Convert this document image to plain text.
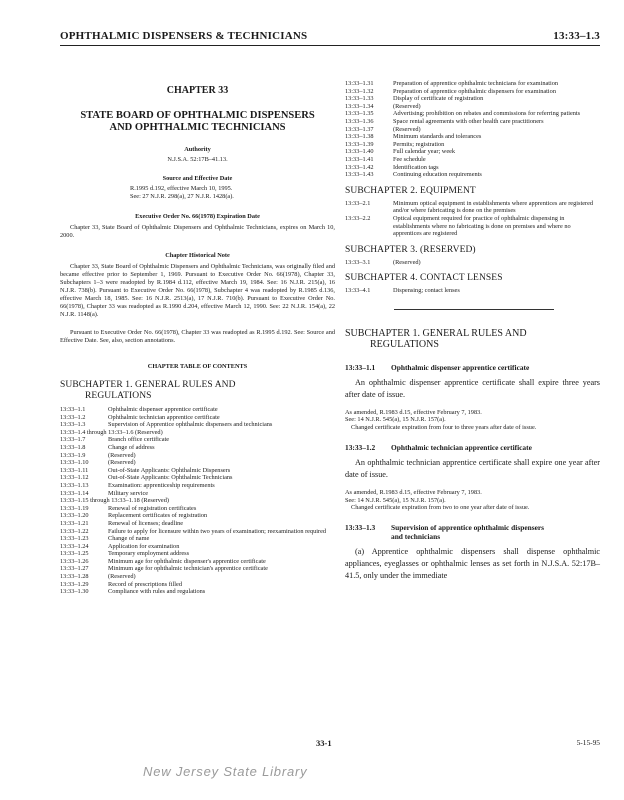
OPHTHALMIC DISPENSERS & TECHNICIANS	13:33–1.3
CHAPTER 33
STATE BOARD OF OPHTHALMIC DISPENSERS
AND OPHTHALMIC TECHNICIANS
Authority
N.J.S.A. 52:17B–41.13.
Source and Effective Date
R.1995 d.192, effective March 10, 1995.
See: 27 N.J.R. 298(a), 27 N.J.R. 1428(a).
Executive Order No. 66(1978) Expiration Date
Chapter 33, State Board of Ophthalmic Dispensers and Ophthalmic Technicians, expires on March 10, 2000.
Chapter Historical Note
Chapter 33, State Board of Ophthalmic Dispensers and Ophthalmic Technicians, was originally filed and became effective prior to September 1, 1969. Pursuant to Executive Order No. 66(1978), Chapter 33, Subchapters 1–3 were readopted by R.1984 d.112, effective March 19, 1984. See: 16 N.J.R. 215(a), 16 N.J.R. 738(b). Pursuant to Executive Order No. 66(1978), Subchapter 4 was readopted by R.1985 d.136, effective March 18, 1985. See: 16 N.J.R. 2513(a), 17 N.J.R. 710(b). Pursuant to Executive Order No. 66(1978), Chapter 33 was readopted as R.1990 d.204, effective March 12, 1990. See: 22 N.J.R. 154(a), 22 N.J.R. 1148(a).
Pursuant to Executive Order No. 66(1978), Chapter 33 was readopted as R.1995 d.192. See: Source and Effective Date. See, also, section annotations.
CHAPTER TABLE OF CONTENTS
SUBCHAPTER 1. GENERAL RULES AND
REGULATIONS
13:33–1.1	Ophthalmic dispenser apprentice certificate
13:33–1.2	Ophthalmic technician apprentice certificate
13:33–1.3	Supervision of Apprentice ophthalmic dispensers and technicians
13:33–1.4 through 13:33–1.6 (Reserved)
13:33–1.7	Branch office certificate
13:33–1.8	Change of address
13:33–1.9	(Reserved)
13:33–1.10	(Reserved)
13:33–1.11	Out-of-State Applicants: Ophthalmic Dispensers
13:33–1.12	Out-of-State Applicants: Ophthalmic Technicians
13:33–1.13	Examination: apprenticeship requirements
13:33–1.14	Military service
13:33–1.15 through 13:33–1.18 (Reserved)
13:33–1.19	Renewal of registration certificates
13:33–1.20	Replacement certificates of registration
13:33–1.21	Renewal of licenses; deadline
13:33–1.22	Failure to apply for licensure within two years of examination; reexamination required
13:33–1.23	Change of name
13:33–1.24	Application for examination
13:33–1.25	Temporary employment address
13:33–1.26	Minimum age for ophthalmic dispenser's apprentice certificate
13:33–1.27	Minimum age for ophthalmic technician's apprentice certificate
13:33–1.28	(Reserved)
13:33–1.29	Record of prescriptions filled
13:33–1.30	Compliance with rules and regulations
13:33–1.31	Preparation of apprentice ophthalmic technicians for examination
13:33–1.32	Preparation of apprentice ophthalmic dispensers for examination
13:33–1.33	Display of certificate of registration
13:33–1.34	(Reserved)
13:33–1.35	Advertising; prohibition on rebates and commissions for referring patients
13:33–1.36	Space rental agreements with other health care practitioners
13:33–1.37	(Reserved)
13:33–1.38	Minimum standards and tolerances
13:33–1.39	Permits; registration
13:33–1.40	Full calendar year; week
13:33–1.41	Fee schedule
13:33–1.42	Identification tags
13:33–1.43	Continuing education requirements
SUBCHAPTER 2. EQUIPMENT
13:33–2.1	Minimum optical equipment in establishments where apprentices are registered and/or where fabricating is done on the premises
13:33–2.2	Optical equipment required for practice of ophthalmic dispensing in establishments where no fabricating is done on premises and where no apprentices are registered
SUBCHAPTER 3. (RESERVED)
13:33–3.1	(Reserved)
SUBCHAPTER 4. CONTACT LENSES
13:33–4.1	Dispensing; contact lenses
SUBCHAPTER 1. GENERAL RULES AND
REGULATIONS
13:33–1.1 Ophthalmic dispenser apprentice certificate
An ophthalmic dispenser apprentice certificate shall expire three years after date of issue.
As amended, R.1983 d.15, effective February 7, 1983.
See: 14 N.J.R. 545(a), 15 N.J.R. 157(a).
Changed certificate expiration from four to three years after date of issue.
13:33–1.2 Ophthalmic technician apprentice certificate
An ophthalmic technician apprentice certificate shall expire one year after date of issue.
As amended, R.1983 d.15, effective February 7, 1983.
See: 14 N.J.R. 545(a), 15 N.J.R. 157(a).
Changed certificate expiration from two to one year after date of issue.
13:33–1.3 Supervision of apprentice ophthalmic dispensers
and technicians
(a) Apprentice ophthalmic dispensers shall dispense ophthalmic appliances, eyeglasses or ophthalmic lenses as set forth in N.J.S.A. 52:17B–41.5, only under the immediate
33-1	5-15-95
New Jersey State Library
